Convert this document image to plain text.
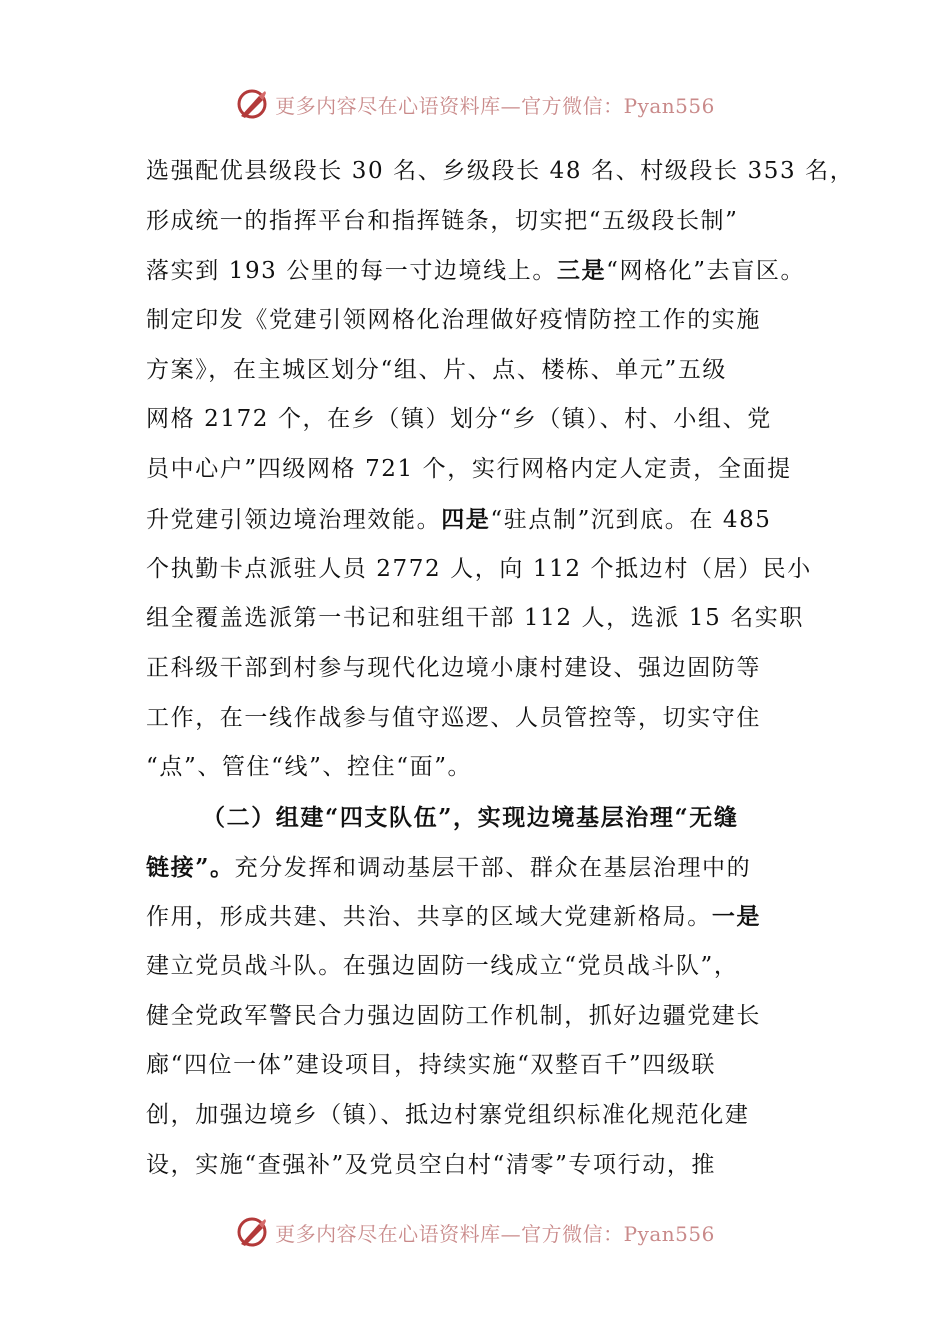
更多内容尽在心语资料库—官方微信：Pyan556
选强配优县级段长 30 名、乡级段长 48 名、村级段长 353 名，
形成统一的指挥平台和指挥链条，切实把“五级段长制”
落实到 193 公里的每一寸边境线上。三是“网格化”去盲区。
制定印发《党建引领网格化治理做好疫情防控工作的实施
方案》，在主城区划分“组、片、点、楼栋、单元”五级
网格 2172 个，在乡（镇）划分“乡（镇）、村、小组、党
员中心户”四级网格 721 个，实行网格内定人定责，全面提
升党建引领边境治理效能。四是“驻点制”沉到底。在 485
个执勤卡点派驻人员 2772 人，向 112 个抵边村（居）民小
组全覆盖选派第一书记和驻组干部 112 人，选派 15 名实职
正科级干部到村参与现代化边境小康村建设、强边固防等
工作，在一线作战参与值守巡逻、人员管控等，切实守住
“点”、管住“线”、控住“面”。
（二）组建“四支队伍”，实现边境基层治理“无缝
链接”。充分发挥和调动基层干部、群众在基层治理中的
作用，形成共建、共治、共享的区域大党建新格局。一是
建立党员战斗队。在强边固防一线成立“党员战斗队”，
健全党政军警民合力强边固防工作机制，抓好边疆党建长
廊“四位一体”建设项目，持续实施“双整百千”四级联
创，加强边境乡（镇）、抵边村寨党组织标准化规范化建
设，实施“查强补”及党员空白村“清零”专项行动，推
更多内容尽在心语资料库—官方微信：Pyan556
